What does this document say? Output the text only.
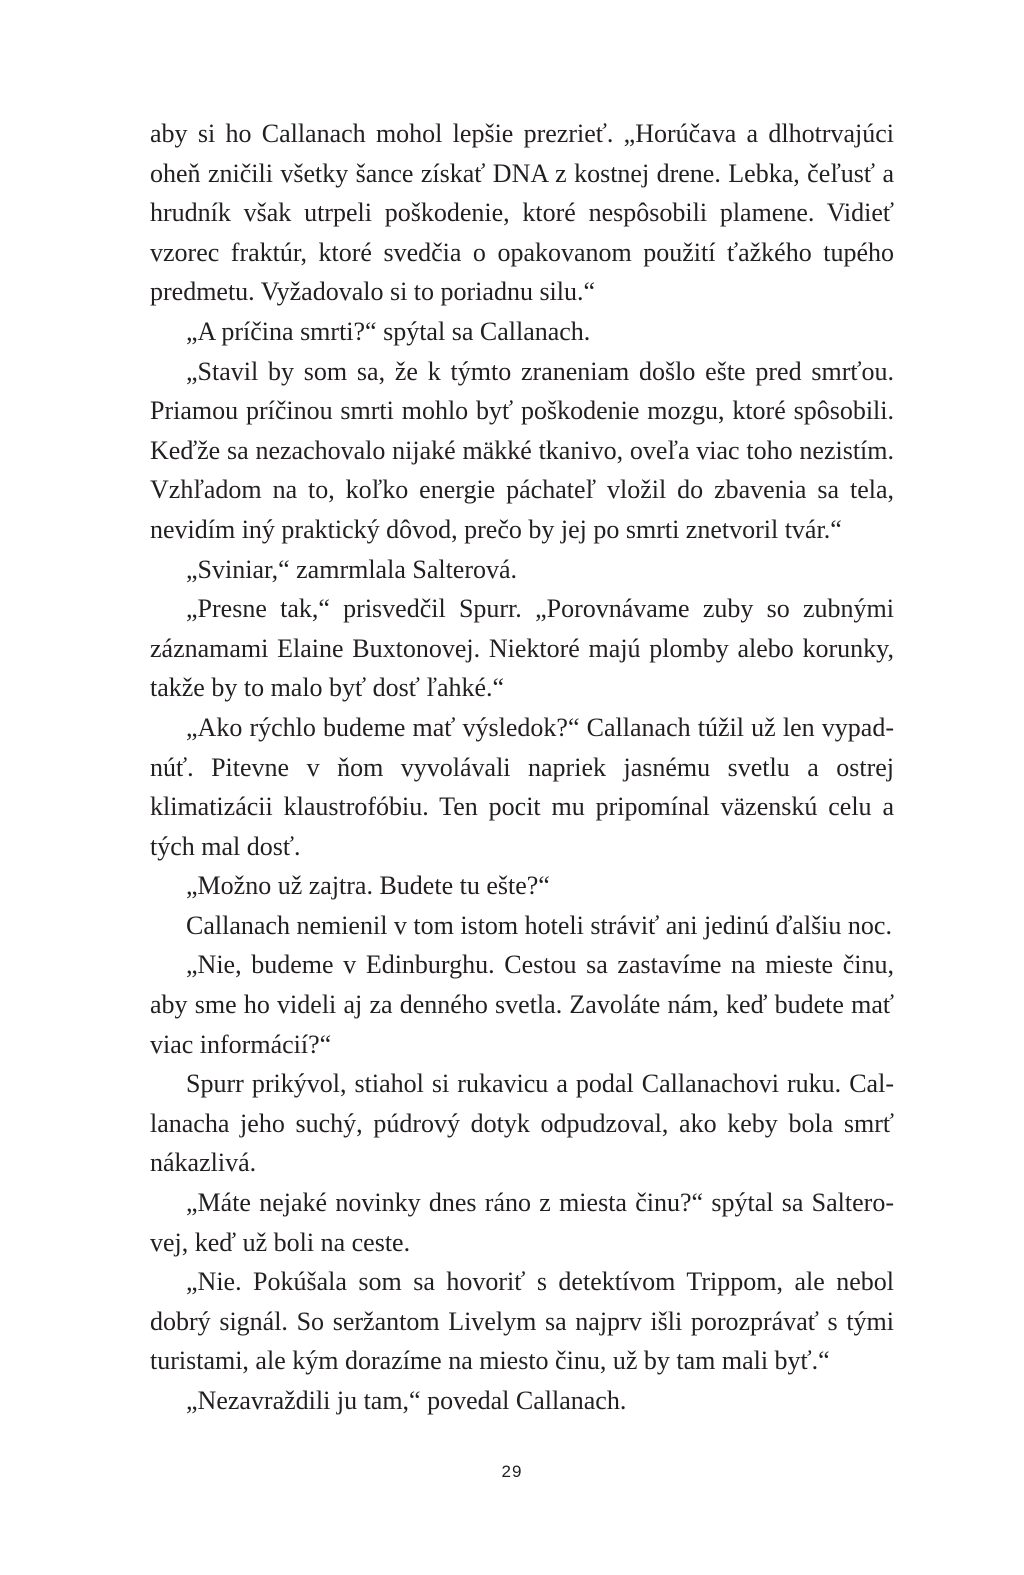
aby si ho Callanach mohol lepšie prezrieť. „Horúčava a dlhotrvajúci oheň zničili všetky šance získať DNA z kostnej drene. Lebka, čeľusť a hrudník však utrpeli poškodenie, ktoré nespôsobili plamene. Vidieť vzorec fraktúr, ktoré svedčia o opakovanom použití ťažkého tupého predmetu. Vyžadovalo si to poriadnu silu.“

„A príčina smrti?“ spýtal sa Callanach.

„Stavil by som sa, že k týmto zraneniam došlo ešte pred smrťou. Priamou príčinou smrti mohlo byť poškodenie mozgu, ktoré spôsobili. Keďže sa nezachovalo nijaké mäkké tkanivo, oveľa viac toho nezistím. Vzhľadom na to, koľko energie páchateľ vložil do zbavenia sa tela, nevidím iný praktický dôvod, prečo by jej po smrti znetvoril tvár.“

„Sviniar,“ zamrmlala Salterová.

„Presne tak,“ prisvedčil Spurr. „Porovnávame zuby so zubnými záznamami Elaine Buxtonovej. Niektoré majú plomby alebo korunky, takže by to malo byť dosť ľahké.“

„Ako rýchlo budeme mať výsledok?“ Callanach túžil už len vypadnúť. Pitevne v ňom vyvolávali napriek jasnému svetlu a ostrej klimatizácii klaustrofóbiu. Ten pocit mu pripomínal väzenskú celu a tých mal dosť.

„Možno už zajtra. Budete tu ešte?“

Callanach nemienil v tom istom hoteli stráviť ani jedinú ďalšiu noc.

„Nie, budeme v Edinburghu. Cestou sa zastavíme na mieste činu, aby sme ho videli aj za denného svetla. Zavoláte nám, keď budete mať viac informácií?“

Spurr prikývol, stiahol si rukavicu a podal Callanachovi ruku. Callanacha jeho suchý, púdrový dotyk odpudzoval, ako keby bola smrť nákazlivá.

„Máte nejaké novinky dnes ráno z miesta činu?“ spýtal sa Salterovej, keď už boli na ceste.

„Nie. Pokúšala som sa hovoriť s detektívom Trippom, ale nebol dobrý signál. So seržantom Livelym sa najprv išli porozprávať s tými turistami, ale kým dorazíme na miesto činu, už by tam mali byť.“

„Nezavraždili ju tam,“ povedal Callanach.

29
